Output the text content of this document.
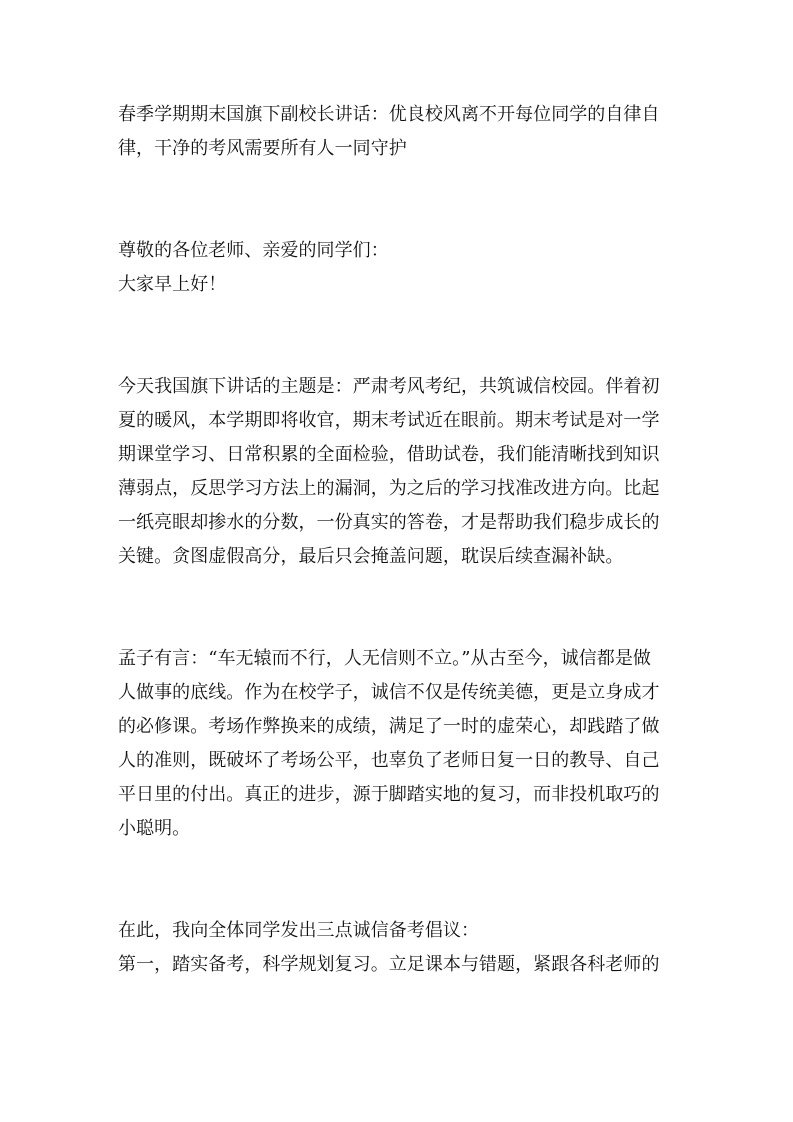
春季学期期末国旗下副校长讲话：优良校风离不开每位同学的自律自
律，干净的考风需要所有人一同守护

尊敬的各位老师、亲爱的同学们：

大家早上好！

今天我国旗下讲话的主题是：严肃考风考纪，共筑诚信校园。伴着初
夏的暖风，本学期即将收官，期末考试近在眼前。期末考试是对一学
期课堂学习、日常积累的全面检验，借助试卷，我们能清晰找到知识
薄弱点，反思学习方法上的漏洞，为之后的学习找准改进方向。比起
一纸亮眼却掺水的分数，一份真实的答卷，才是帮助我们稳步成长的
关键。贪图虚假高分，最后只会掩盖问题，耽误后续查漏补缺。

孟子有言：“车无辕而不行，人无信则不立。”从古至今，诚信都是做
人做事的底线。作为在校学子，诚信不仅是传统美德，更是立身成才
的必修课。考场作弊换来的成绩，满足了一时的虚荣心，却践踏了做
人的准则，既破坏了考场公平，也辜负了老师日复一日的教导、自己
平日里的付出。真正的进步，源于脚踏实地的复习，而非投机取巧的
小聪明。

在此，我向全体同学发出三点诚信备考倡议：
第一，踏实备考，科学规划复习。立足课本与错题，紧跟各科老师的
